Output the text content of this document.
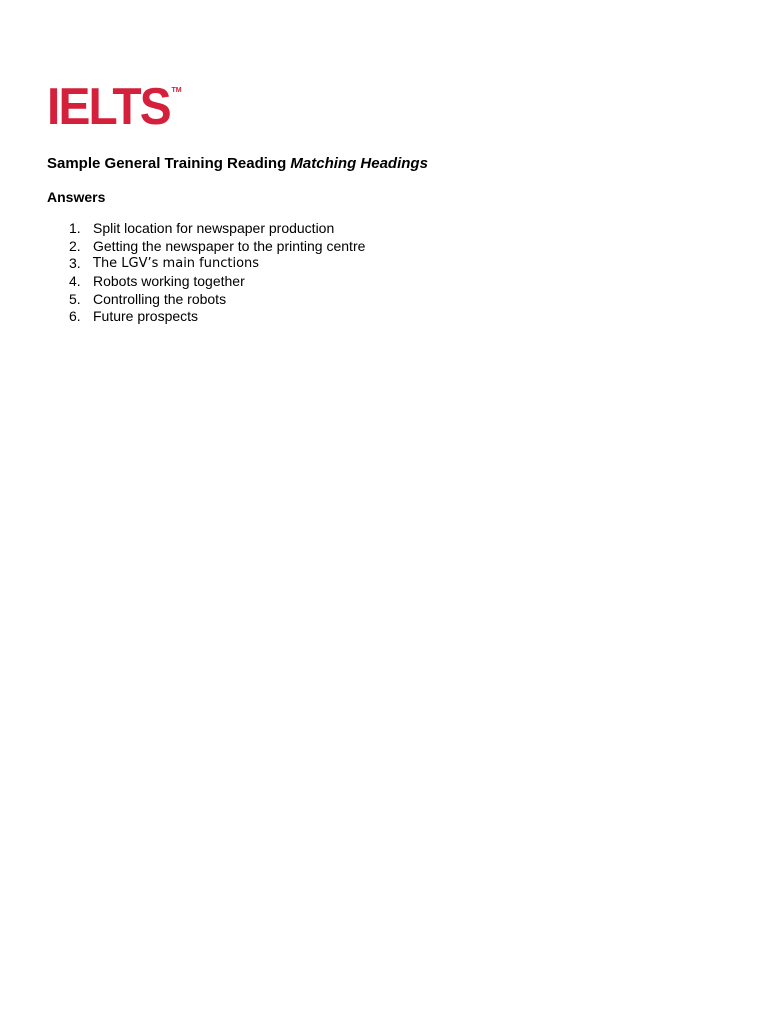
IELTS TM
Sample General Training Reading Matching Headings
Answers
1. Split location for newspaper production
2. Getting the newspaper to the printing centre
3. The LGV’s main functions
4. Robots working together
5. Controlling the robots
6. Future prospects
